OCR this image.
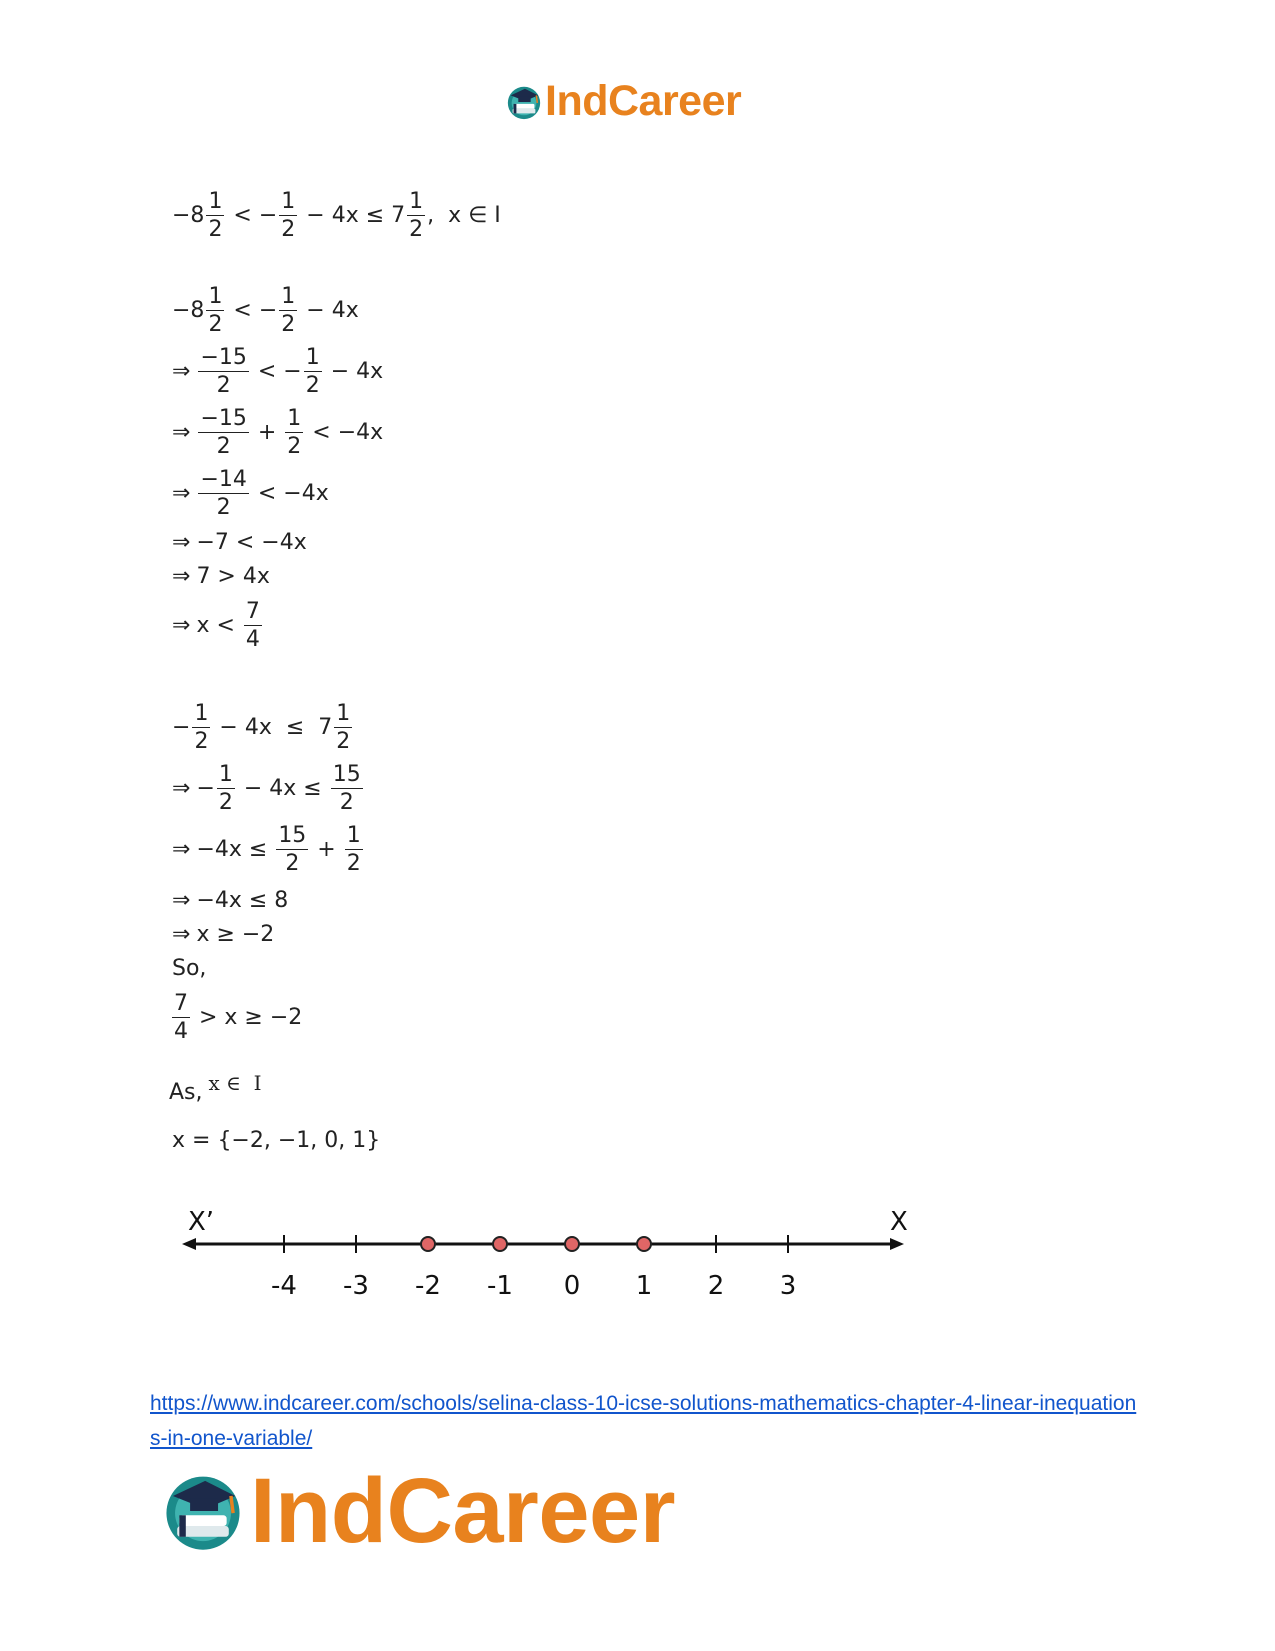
IndCareer
$-8 \frac{1}{2}$ < − $\frac{1}{2} - 4x \le 7 \frac{1}{2}$ ,  x ∈ I
$-8 \frac{1}{2}$ < − $\frac{1}{2} - 4x$
⇒ $\frac{-15}{2}$ < − $\frac{1}{2} - 4x$
⇒ $\frac{-15}{2} + \frac{1}{2} < -4x$
⇒ $\frac{-14}{2} < -4x$
⇒ −7 < −4x
⇒ 7 > 4x
⇒ $x < \frac{7}{4}$
− $\frac{1}{2} - 4x \le 7 \frac{1}{2}$
⇒ − $\frac{1}{2} - 4x \le \frac{15}{2}$
⇒ $-4x \le \frac{15}{2} + \frac{1}{2}$
⇒ −4x ≤ 8
⇒ x ≥ −2
So,
$\frac{7}{4} > x \ge -2$
As, x ∈  I
x = {−2, −1, 0, 1}
X’	X
-4 -3 -2 -1 0 1 2 3
https://www.indcareer.com/schools/selina-class-10-icse-solutions-mathematics-chapter-4-linear-inequations-in-one-variable/
IndCareer
